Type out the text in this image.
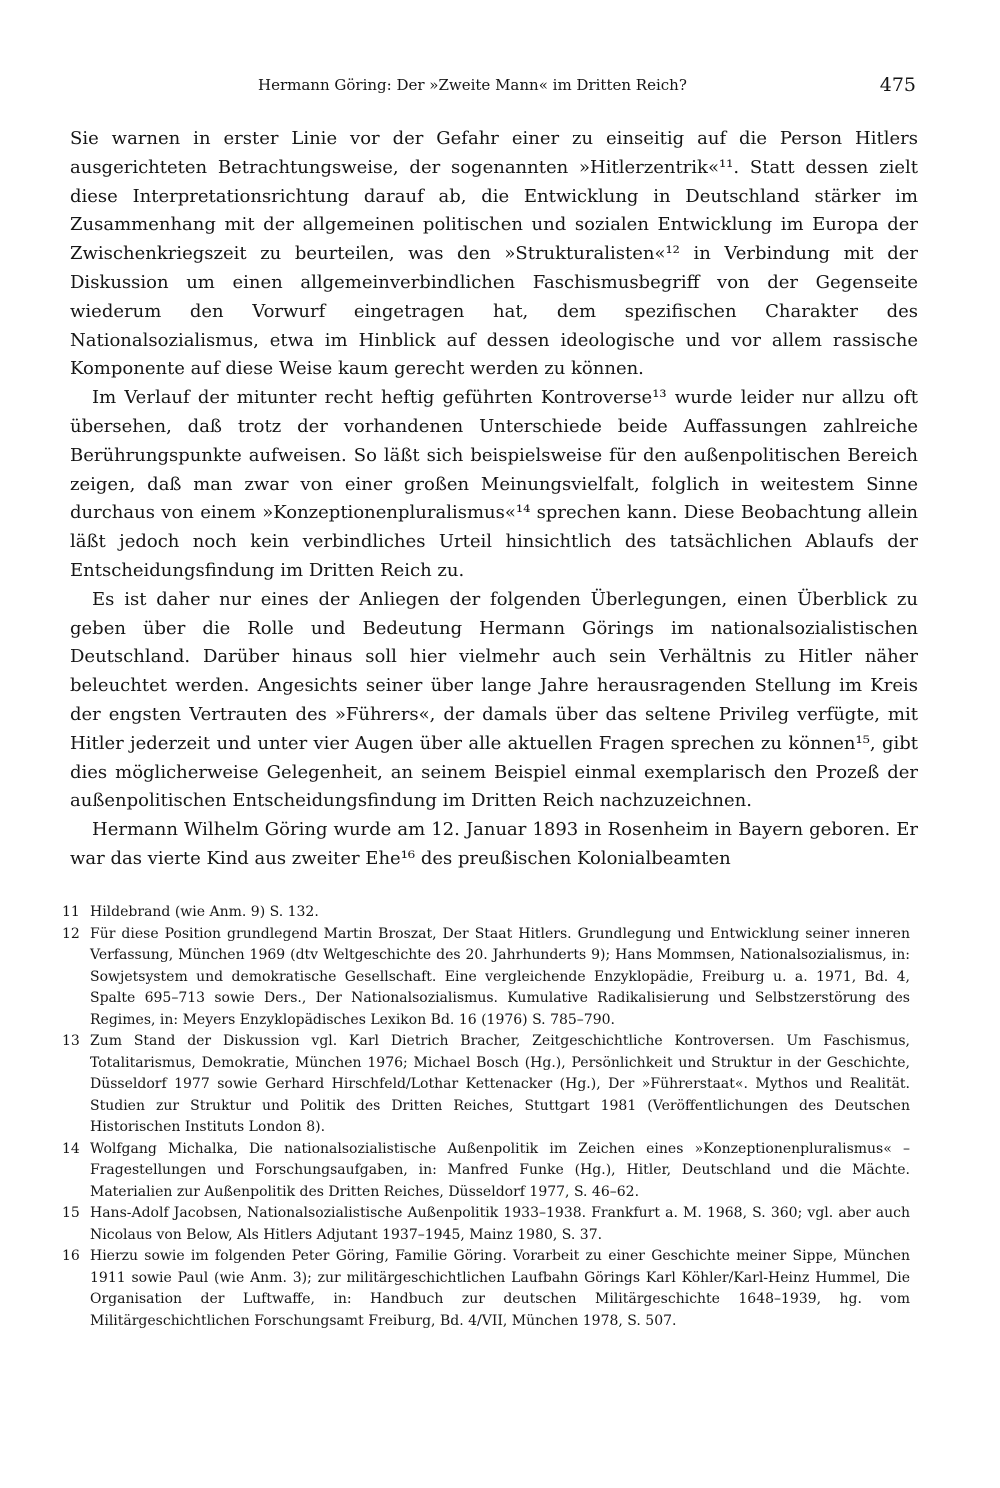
Hermann Göring: Der »Zweite Mann« im Dritten Reich?	475

Sie warnen in erster Linie vor der Gefahr einer zu einseitig auf die Person Hitlers ausgerichteten Betrachtungsweise, der sogenannten »Hitlerzentrik«¹¹. Statt dessen zielt diese Interpretationsrichtung darauf ab, die Entwicklung in Deutschland stärker im Zusammenhang mit der allgemeinen politischen und sozialen Entwicklung im Europa der Zwischenkriegszeit zu beurteilen, was den »Strukturalisten«¹² in Verbindung mit der Diskussion um einen allgemeinverbindlichen Faschismusbegriff von der Gegenseite wiederum den Vorwurf eingetragen hat, dem spezifischen Charakter des Nationalsozialismus, etwa im Hinblick auf dessen ideologische und vor allem rassische Komponente auf diese Weise kaum gerecht werden zu können.

Im Verlauf der mitunter recht heftig geführten Kontroverse¹³ wurde leider nur allzu oft übersehen, daß trotz der vorhandenen Unterschiede beide Auffassungen zahlreiche Berührungspunkte aufweisen. So läßt sich beispielsweise für den außenpolitischen Bereich zeigen, daß man zwar von einer großen Meinungsvielfalt, folglich in weitestem Sinne durchaus von einem »Konzeptionenpluralismus«¹⁴ sprechen kann. Diese Beobachtung allein läßt jedoch noch kein verbindliches Urteil hinsichtlich des tatsächlichen Ablaufs der Entscheidungsfindung im Dritten Reich zu.

Es ist daher nur eines der Anliegen der folgenden Überlegungen, einen Überblick zu geben über die Rolle und Bedeutung Hermann Görings im nationalsozialistischen Deutschland. Darüber hinaus soll hier vielmehr auch sein Verhältnis zu Hitler näher beleuchtet werden. Angesichts seiner über lange Jahre herausragenden Stellung im Kreis der engsten Vertrauten des »Führers«, der damals über das seltene Privileg verfügte, mit Hitler jederzeit und unter vier Augen über alle aktuellen Fragen sprechen zu können¹⁵, gibt dies möglicherweise Gelegenheit, an seinem Beispiel einmal exemplarisch den Prozeß der außenpolitischen Entscheidungsfindung im Dritten Reich nachzuzeichnen.

Hermann Wilhelm Göring wurde am 12. Januar 1893 in Rosenheim in Bayern geboren. Er war das vierte Kind aus zweiter Ehe¹⁶ des preußischen Kolonialbeamten

11 Hildebrand (wie Anm. 9) S. 132.
12 Für diese Position grundlegend Martin Broszat, Der Staat Hitlers. Grundlegung und Entwicklung seiner inneren Verfassung, München 1969 (dtv Weltgeschichte des 20. Jahrhunderts 9); Hans Mommsen, Nationalsozialismus, in: Sowjetsystem und demokratische Gesellschaft. Eine vergleichende Enzyklopädie, Freiburg u. a. 1971, Bd. 4, Spalte 695–713 sowie Ders., Der Nationalsozialismus. Kumulative Radikalisierung und Selbstzerstörung des Regimes, in: Meyers Enzyklopädisches Lexikon Bd. 16 (1976) S. 785–790.
13 Zum Stand der Diskussion vgl. Karl Dietrich Bracher, Zeitgeschichtliche Kontroversen. Um Faschismus, Totalitarismus, Demokratie, München 1976; Michael Bosch (Hg.), Persönlichkeit und Struktur in der Geschichte, Düsseldorf 1977 sowie Gerhard Hirschfeld/Lothar Kettenacker (Hg.), Der »Führerstaat«. Mythos und Realität. Studien zur Struktur und Politik des Dritten Reiches, Stuttgart 1981 (Veröffentlichungen des Deutschen Historischen Instituts London 8).
14 Wolfgang Michalka, Die nationalsozialistische Außenpolitik im Zeichen eines »Konzeptionenpluralismus« – Fragestellungen und Forschungsaufgaben, in: Manfred Funke (Hg.), Hitler, Deutschland und die Mächte. Materialien zur Außenpolitik des Dritten Reiches, Düsseldorf 1977, S. 46–62.
15 Hans-Adolf Jacobsen, Nationalsozialistische Außenpolitik 1933–1938. Frankfurt a. M. 1968, S. 360; vgl. aber auch Nicolaus von Below, Als Hitlers Adjutant 1937–1945, Mainz 1980, S. 37.
16 Hierzu sowie im folgenden Peter Göring, Familie Göring. Vorarbeit zu einer Geschichte meiner Sippe, München 1911 sowie Paul (wie Anm. 3); zur militärgeschichtlichen Laufbahn Görings Karl Köhler/Karl-Heinz Hummel, Die Organisation der Luftwaffe, in: Handbuch zur deutschen Militärgeschichte 1648–1939, hg. vom Militärgeschichtlichen Forschungsamt Freiburg, Bd. 4/VII, München 1978, S. 507.
